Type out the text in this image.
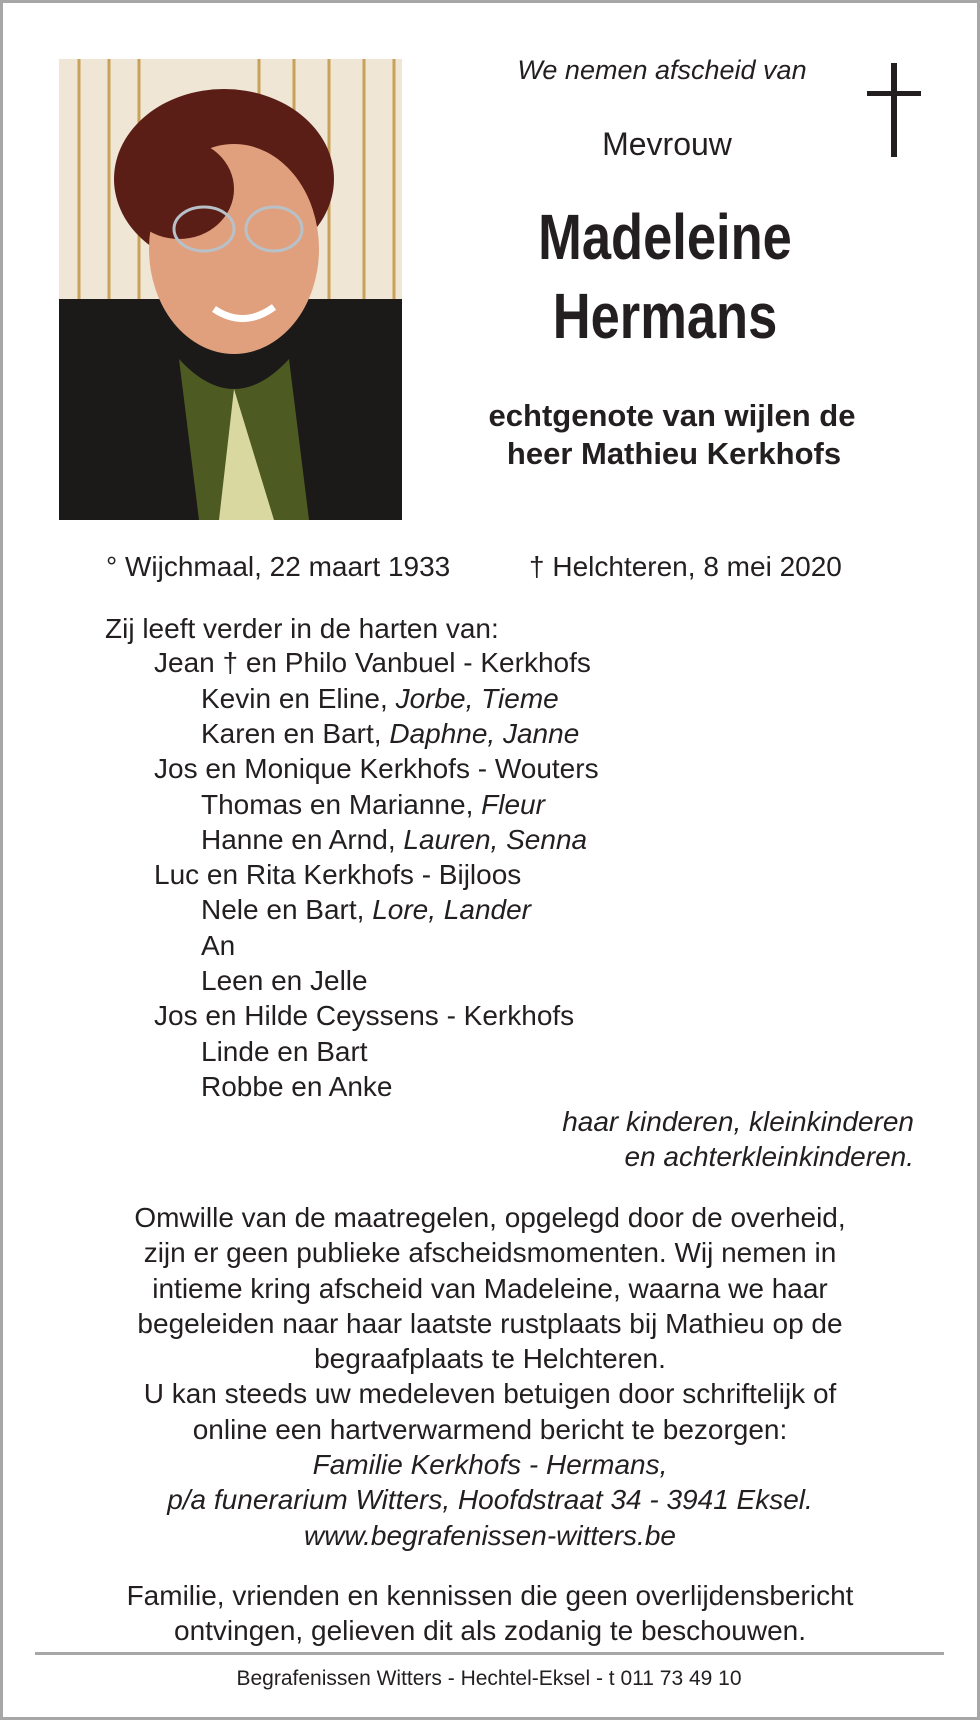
We nemen afscheid van
Mevrouw
Madeleine
Hermans
echtgenote van wijlen de
heer Mathieu Kerkhofs
° Wijchmaal, 22 maart 1933	† Helchteren, 8 mei 2020
Zij leeft verder in de harten van:
Jean † en Philo Vanbuel - Kerkhofs
Kevin en Eline, Jorbe, Tieme
Karen en Bart, Daphne, Janne
Jos en Monique Kerkhofs - Wouters
Thomas en Marianne, Fleur
Hanne en Arnd, Lauren, Senna
Luc en Rita Kerkhofs - Bijloos
Nele en Bart, Lore, Lander
An
Leen en Jelle
Jos en Hilde Ceyssens - Kerkhofs
Linde en Bart
Robbe en Anke
haar kinderen, kleinkinderen
en achterkleinkinderen.
Omwille van de maatregelen, opgelegd door de overheid,
zijn er geen publieke afscheidsmomenten. Wij nemen in
intieme kring afscheid van Madeleine, waarna we haar
begeleiden naar haar laatste rustplaats bij Mathieu op de
begraafplaats te Helchteren.
U kan steeds uw medeleven betuigen door schriftelijk of
online een hartverwarmend bericht te bezorgen:
Familie Kerkhofs - Hermans,
p/a funerarium Witters, Hoofdstraat 34 - 3941 Eksel.
www.begrafenissen-witters.be
Familie, vrienden en kennissen die geen overlijdensbericht
ontvingen, gelieven dit als zodanig te beschouwen.
Begrafenissen Witters - Hechtel-Eksel - t 011 73 49 10
